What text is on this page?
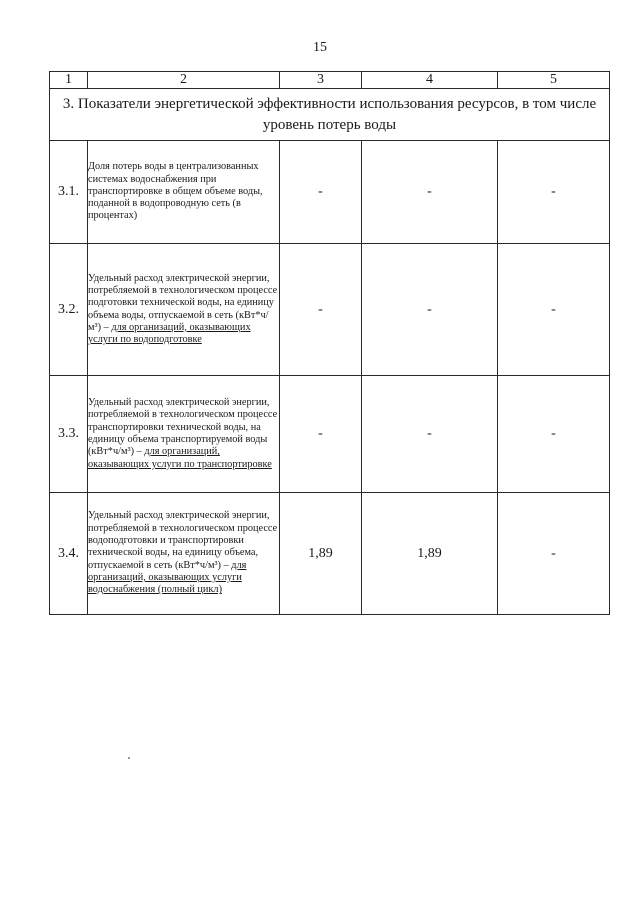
15
1	2	3	4	5
3. Показатели энергетической эффективности использования ресурсов, в том числе уровень потерь воды				
3.1.	Доля потерь воды в централизованных системах водоснабжения при транспортировке в общем объеме воды, поданной в водопроводную сеть (в процентах)	-	-	-
3.2.	Удельный расход электрической энергии, потребляемой в технологическом процессе подготовки технической воды, на единицу объема воды, отпускаемой в сеть (кВт*ч/м³) – для организаций, оказывающих услуги по водоподготовке	-	-	-
3.3.	Удельный расход электрической энергии, потребляемой в технологическом процессе транспортировки технической воды, на единицу объема транспортируемой воды (кВт*ч/м³) – для организаций, оказывающих услуги по транспортировке	-	-	-
3.4.	Удельный расход электрической энергии, потребляемой в технологическом процессе водоподготовки и транспортировки технической воды, на единицу объема, отпускаемой в сеть (кВт*ч/м³) – для организаций, оказывающих услуги водоснабжения (полный цикл)	1,89	1,89	-
